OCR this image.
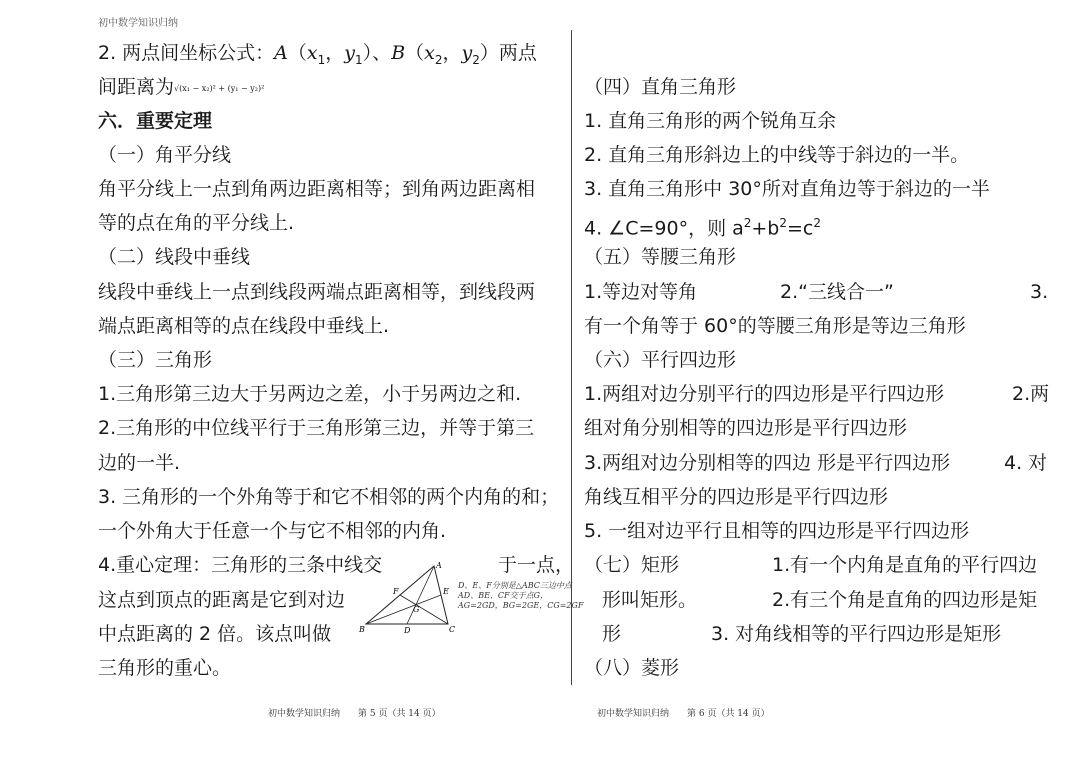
初中数学知识归纳
2. 两点间坐标公式：$A(x_1$，$y_1$）、$B(x_2$，$y_2$）两点
间距离为√(x₁ − x₂)² + (y₁ − y₂)²
六．重要定理
（一）角平分线
角平分线上一点到角两边距离相等；到角两边距离相
等的点在角的平分线上.
（二）线段中垂线
线段中垂线上一点到线段两端点距离相等，到线段两
端点距离相等的点在线段中垂线上.
（三）三角形
1.三角形第三边大于另两边之差，小于另两边之和.
2.三角形的中位线平行于三角形第三边，并等于第三
边的一半.
3. 三角形的一个外角等于和它不相邻的两个内角的和；
一个外角大于任意一个与它不相邻的内角.
4.重心定理：三角形的三条中线交	于一点，
这点到顶点的距离是它到对边
中点距离的 2 倍。该点叫做
三角形的重心。
A
B	C
D
E
F
G
D、E、F分别是△ABC三边中点
AD、BE、CF交于点G，
AG=2GD，BG=2GE，CG=2GF
（四）直角三角形
1. 直角三角形的两个锐角互余
2. 直角三角形斜边上的中线等于斜边的一半。
3. 直角三角形中 30°所对直角边等于斜边的一半
4. ∠C=90°，则 $a^2+b^2=c^2$
（五）等腰三角形
1.等边对等角	2.“三线合一”	3.
有一个角等于 60°的等腰三角形是等边三角形
（六）平行四边形
1.两组对边分别平行的四边形是平行四边形	2.两
组对角分别相等的四边形是平行四边形
3.两组对边分别相等的四边 形是平行四边形	4. 对
角线互相平分的四边形是平行四边形
5. 一组对边平行且相等的四边形是平行四边形
（七）矩形	1.有一个内角是直角的平行四边
形叫矩形。	2.有三个角是直角的四边形是矩
形	3. 对角线相等的平行四边形是矩形
（八）菱形
初中数学知识归纳　　第 5 页（共 14 页）	初中数学知识归纳　　第 6 页（共 14 页）
